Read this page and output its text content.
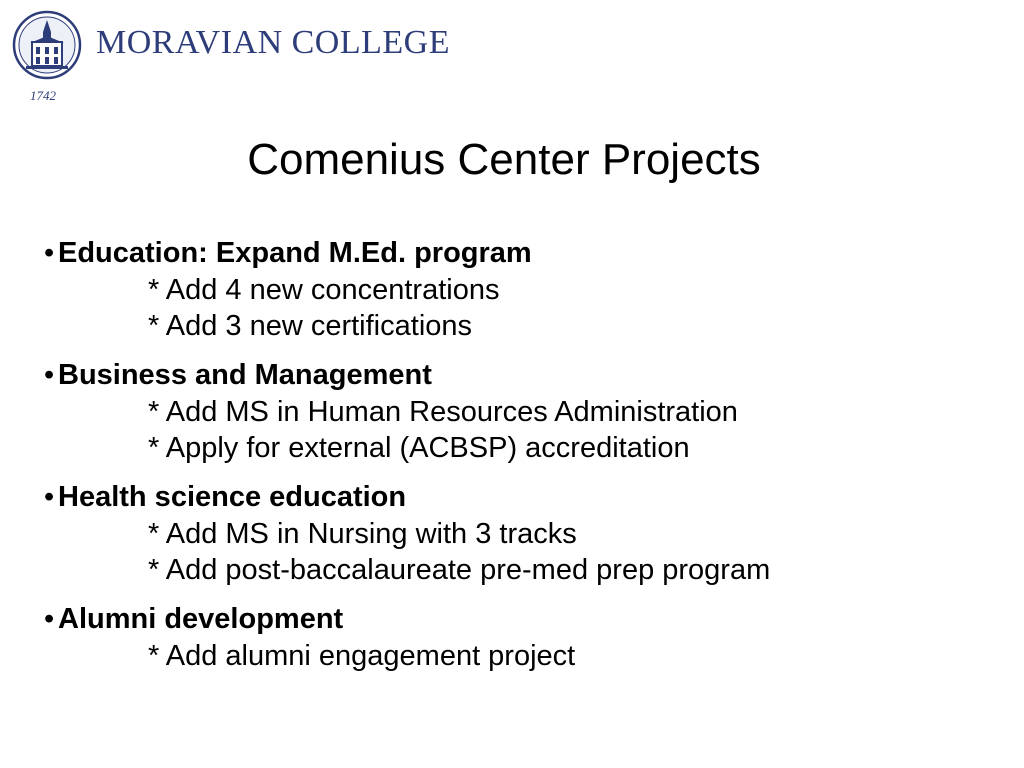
MORAVIAN COLLEGE
1742
Comenius Center Projects
• Education: Expand M.Ed. program
* Add 4 new concentrations
* Add 3 new certifications
• Business and Management
* Add MS in Human Resources Administration
* Apply for external (ACBSP) accreditation
• Health science education
* Add MS in Nursing with 3 tracks
* Add post-baccalaureate pre-med prep program
• Alumni development
* Add alumni engagement project
